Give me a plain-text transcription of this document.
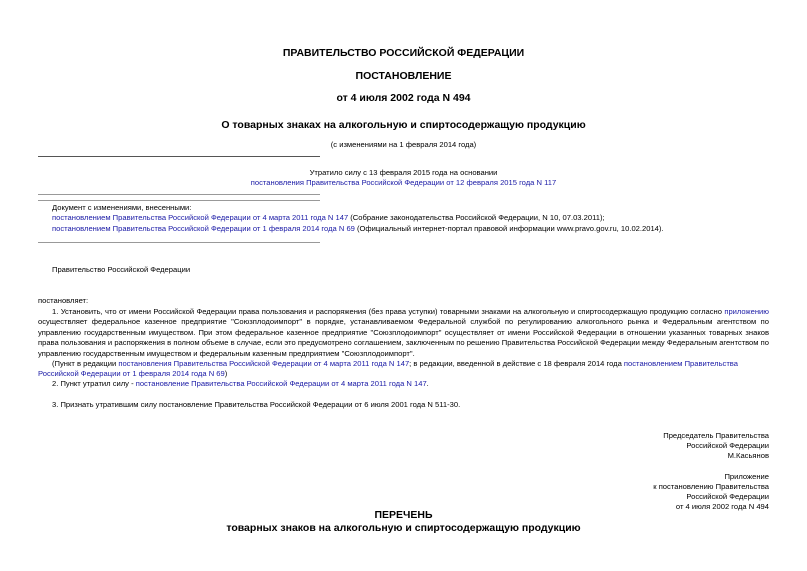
ПРАВИТЕЛЬСТВО РОССИЙСКОЙ ФЕДЕРАЦИИ
ПОСТАНОВЛЕНИЕ
от 4 июля 2002 года N 494
О товарных знаках на алкогольную и спиртосодержащую продукцию
(с изменениями на 1 февраля 2014 года)
Утратило силу с 13 февраля 2015 года на основании
постановления Правительства Российской Федерации от 12 февраля 2015 года N 117
Документ с изменениями, внесенными:
постановлением Правительства Российской Федерации от 4 марта 2011 года N 147 (Собрание законодательства Российской Федерации, N 10, 07.03.2011);
постановлением Правительства Российской Федерации от 1 февраля 2014 года N 69 (Официальный интернет-портал правовой информации www.pravo.gov.ru, 10.02.2014).
Правительство Российской Федерации
постановляет:
1. Установить, что от имени Российской Федерации права пользования и распоряжения (без права уступки) товарными знаками на алкогольную и спиртосодержащую продукцию согласно приложению осуществляет федеральное казенное предприятие "Союзплодоимпорт" в порядке, устанавливаемом Федеральной службой по регулированию алкогольного рынка и Федеральным агентством по управлению государственным имуществом. При этом федеральное казенное предприятие "Союзплодоимпорт" осуществляет от имени Российской Федерации в отношении указанных товарных знаков права пользования и распоряжения в полном объеме в случае, если это предусмотрено соглашением, заключенным по решению Правительства Российской Федерации между Федеральным агентством по управлению государственным имуществом и федеральным казенным предприятием "Союзплодоимпорт".
(Пункт в редакции постановления Правительства Российской Федерации от 4 марта 2011 года N 147; в редакции, введенной в действие с 18 февраля 2014 года постановлением Правительства Российской Федерации от 1 февраля 2014 года N 69)
2. Пункт утратил силу - постановление Правительства Российской Федерации от 4 марта 2011 года N 147.
3. Признать утратившим силу постановление Правительства Российской Федерации от 6 июля 2001 года N 511-30.
Председатель Правительства
Российской Федерации
М.Касьянов
Приложение
к постановлению Правительства
Российской Федерации
от 4 июля 2002 года N 494
ПЕРЕЧЕНЬ
товарных знаков на алкогольную и спиртосодержащую продукцию
